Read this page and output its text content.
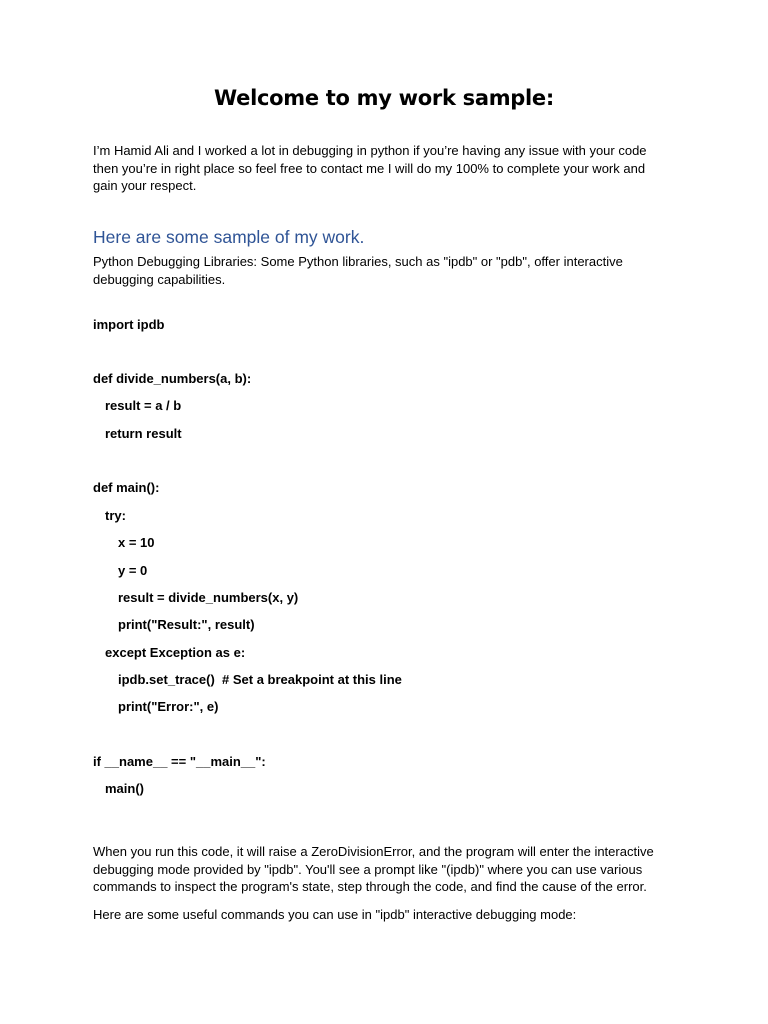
Welcome to my work sample:
I’m Hamid Ali and I worked a lot in debugging in python if you’re having any issue with your code then you’re in right place so feel free to contact me I will do my 100% to complete your work and gain your respect.
Here are some sample of my work.
Python Debugging Libraries: Some Python libraries, such as "ipdb" or "pdb", offer interactive debugging capabilities.
import ipdb
def divide_numbers(a, b):
result = a / b
return result
def main():
try:
x = 10
y = 0
result = divide_numbers(x, y)
print("Result:", result)
except Exception as e:
ipdb.set_trace()  # Set a breakpoint at this line
print("Error:", e)
if __name__ == "__main__":
main()
When you run this code, it will raise a ZeroDivisionError, and the program will enter the interactive debugging mode provided by "ipdb". You'll see a prompt like "(ipdb)" where you can use various commands to inspect the program's state, step through the code, and find the cause of the error.
Here are some useful commands you can use in "ipdb" interactive debugging mode:
